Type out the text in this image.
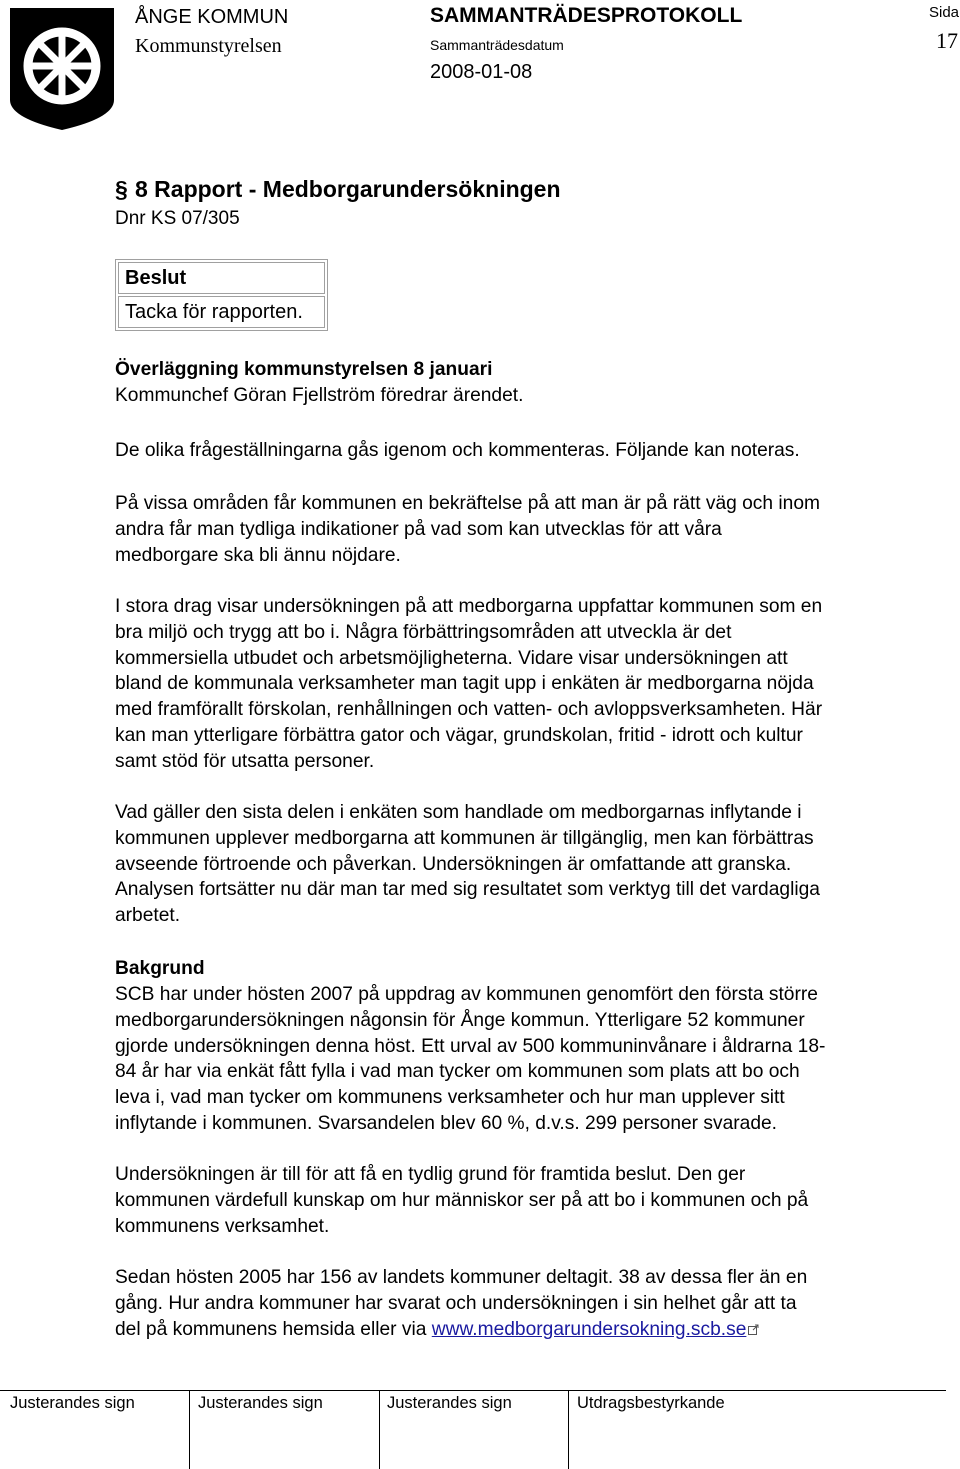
ÅNGE KOMMUN
Kommunstyrelsen
SAMMANTRÄDESPROTOKOLL
Sammanträdesdatum
2008-01-08
Sida
17
§ 8 Rapport - Medborgarundersökningen
Dnr KS 07/305
Beslut
Tacka för rapporten.
Överläggning kommunstyrelsen 8 januari
Kommunchef Göran Fjellström föredrar ärendet.
De olika frågeställningarna gås igenom och kommenteras. Följande kan noteras.
På vissa områden får kommunen en bekräftelse på att man är på rätt väg och inom
andra får man tydliga indikationer på vad som kan utvecklas för att våra
medborgare ska bli ännu nöjdare.
I stora drag visar undersökningen på att medborgarna uppfattar kommunen som en
bra miljö och trygg att bo i. Några förbättringsområden att utveckla är det
kommersiella utbudet och arbetsmöjligheterna. Vidare visar undersökningen att
bland de kommunala verksamheter man tagit upp i enkäten är medborgarna nöjda
med framförallt förskolan, renhållningen och vatten- och avloppsverksamheten. Här
kan man ytterligare förbättra gator och vägar, grundskolan, fritid - idrott och kultur
samt stöd för utsatta personer.
Vad gäller den sista delen i enkäten som handlade om medborgarnas inflytande i
kommunen upplever medborgarna att kommunen är tillgänglig, men kan förbättras
avseende förtroende och påverkan. Undersökningen är omfattande att granska.
Analysen fortsätter nu där man tar med sig resultatet som verktyg till det vardagliga
arbetet.
Bakgrund
SCB har under hösten 2007 på uppdrag av kommunen genomfört den första större
medborgarundersökningen någonsin för Ånge kommun. Ytterligare 52 kommuner
gjorde undersökningen denna höst. Ett urval av 500 kommuninvånare i åldrarna 18-
84 år har via enkät fått fylla i vad man tycker om kommunen som plats att bo och
leva i, vad man tycker om kommunens verksamheter och hur man upplever sitt
inflytande i kommunen. Svarsandelen blev 60 %, d.v.s. 299 personer svarade.
Undersökningen är till för att få en tydlig grund för framtida beslut. Den ger
kommunen värdefull kunskap om hur människor ser på att bo i kommunen och på
kommunens verksamhet.
Sedan hösten 2005 har 156 av landets kommuner deltagit. 38 av dessa fler än en
gång. Hur andra kommuner har svarat och undersökningen i sin helhet går att ta
del på kommunens hemsida eller via www.medborgarundersokning.scb.se
Justerandes sign	Justerandes sign	Justerandes sign	Utdragsbestyrkande
